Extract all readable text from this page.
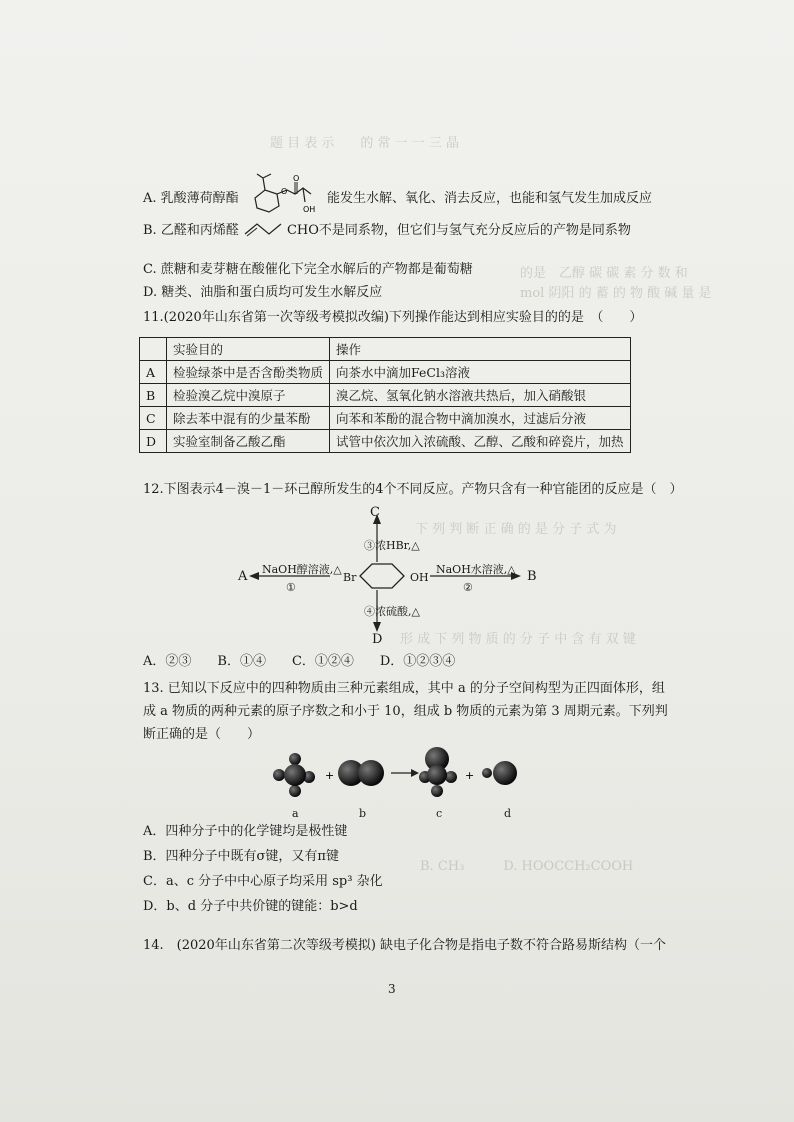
题 目 表 示　　的 常 一 一 三 晶
的是　乙醇 碳 碳 素 分 数 和
mol 阴阳 的 蓄 的 物 酸 碱 量 是
下 列 判 断 正 确 的 是 分 子 式 为
形 成 下 列 物 质 的 分 子 中 含 有 双 键
B. CH₃　　　D. HOOCCH₂COOH
A. 乳酸薄荷醇酯	O
O
OH
能发生水解、氧化、消去反应，也能和氢气发生加成反应
B. 乙醛和丙烯醛	CHO不是同系物，但它们与氢气充分反应后的产物是同系物
C. 蔗糖和麦芽糖在酸催化下完全水解后的产物都是葡萄糖
D. 糖类、油脂和蛋白质均可发生水解反应
11.(2020年山东省第一次等级考模拟改编)下列操作能达到相应实验目的的是　（　　）
	实验目的	操作
A	检验绿茶中是否含酚类物质	向茶水中滴加FeCl₃溶液
B	检验溴乙烷中溴原子	溴乙烷、氢氧化钠水溶液共热后，加入硝酸银
C	除去苯中混有的少量苯酚	向苯和苯酚的混合物中滴加溴水，过滤后分液
D	实验室制备乙酸乙酯	试管中依次加入浓硫酸、乙醇、乙酸和碎瓷片，加热
12.下图表示4－溴－1－环己醇所发生的4个不同反应。产物只含有一种官能团的反应是（　）
C
③浓HBr,△
A NaOH醇溶液,△
①
Br	OH
NaOH水溶液,△
②
B
④浓硫酸,△
D
A．②③　　B．①④　　C．①②④　　D．①②③④
13. 已知以下反应中的四种物质由三种元素组成，其中 a 的分子空间构型为正四面体形，组
成 a 物质的两种元素的原子序数之和小于 10，组成 b 物质的元素为第 3 周期元素。下列判
断正确的是（　　）
+	+
a	b	c	d
A．四种分子中的化学键均是极性键
B．四种分子中既有σ键，又有π键
C．a、c 分子中中心原子均采用 sp³ 杂化
D．b、d 分子中共价键的键能：b>d
14.　(2020年山东省第二次等级考模拟) 缺电子化合物是指电子数不符合路易斯结构（一个
3
